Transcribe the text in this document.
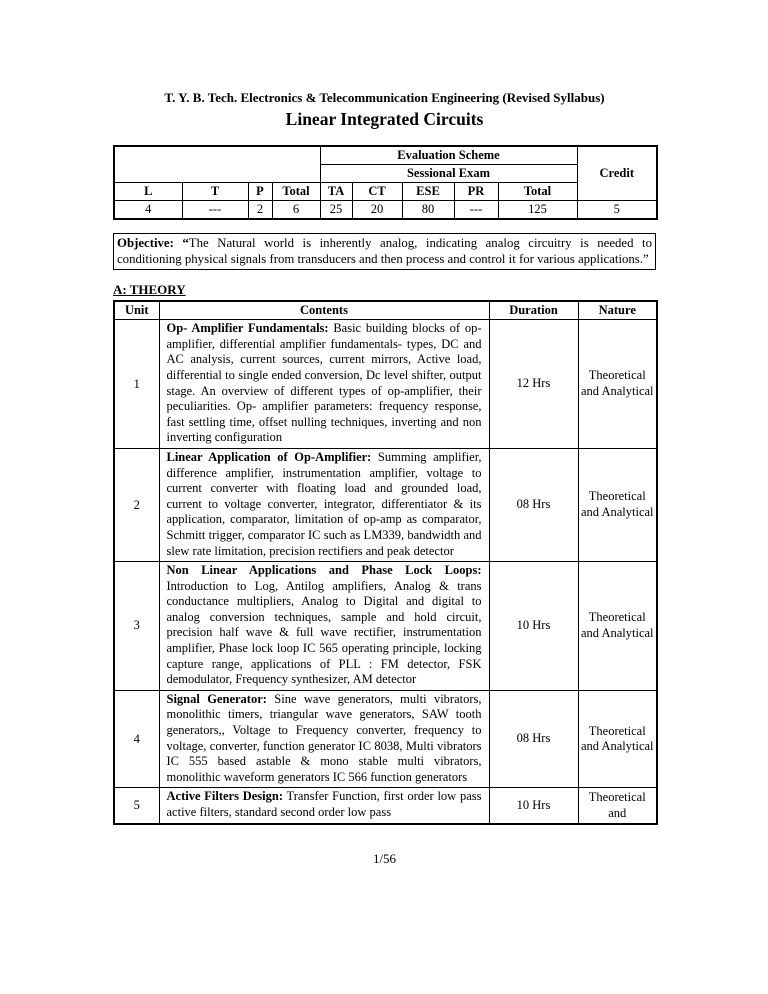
T. Y. B. Tech. Electronics & Telecommunication Engineering (Revised Syllabus)
Linear Integrated Circuits
				Evaluation Scheme					Credit
				Sessional Exam					
L	T	P	Total	TA	CT	ESE	PR	Total	
4	---	2	6	25	20	80	---	125	5
Objective: “The Natural world is inherently analog, indicating analog circuitry is needed to conditioning physical signals from transducers and then process and control it for various applications.”
A: THEORY
Unit	Contents	Duration	Nature
1	Op- Amplifier Fundamentals: Basic building blocks of op-amplifier, differential amplifier fundamentals- types, DC and AC analysis, current sources, current mirrors, Active load, differential to single ended conversion, Dc level shifter, output stage. An overview of different types of op-amplifier, their peculiarities. Op- amplifier parameters: frequency response, fast settling time, offset nulling techniques, inverting and non inverting configuration	12 Hrs	Theoretical and Analytical
2	Linear Application of Op-Amplifier: Summing amplifier, difference amplifier, instrumentation amplifier, voltage to current converter with floating load and grounded load, current to voltage converter, integrator, differentiator & its application, comparator, limitation of op-amp as comparator, Schmitt trigger, comparator IC such as LM339, bandwidth and slew rate limitation, precision rectifiers and peak detector	08 Hrs	Theoretical and Analytical
3	Non Linear Applications and Phase Lock Loops: Introduction to Log, Antilog amplifiers, Analog & trans conductance multipliers, Analog to Digital and digital to analog conversion techniques, sample and hold circuit, precision half wave & full wave rectifier, instrumentation amplifier, Phase lock loop IC 565 operating principle, locking capture range, applications of PLL : FM detector, FSK demodulator, Frequency synthesizer, AM detector	10 Hrs	Theoretical and Analytical
4	Signal Generator: Sine wave generators, multi vibrators, monolithic timers, triangular wave generators, SAW tooth generators,, Voltage to Frequency converter, frequency to voltage, converter, function generator IC 8038, Multi vibrators IC 555 based astable & mono stable multi vibrators, monolithic waveform generators IC 566 function generators	08 Hrs	Theoretical and Analytical
5	Active Filters Design: Transfer Function, first order low pass active filters, standard second order low pass	10 Hrs	Theoretical and
1/56
